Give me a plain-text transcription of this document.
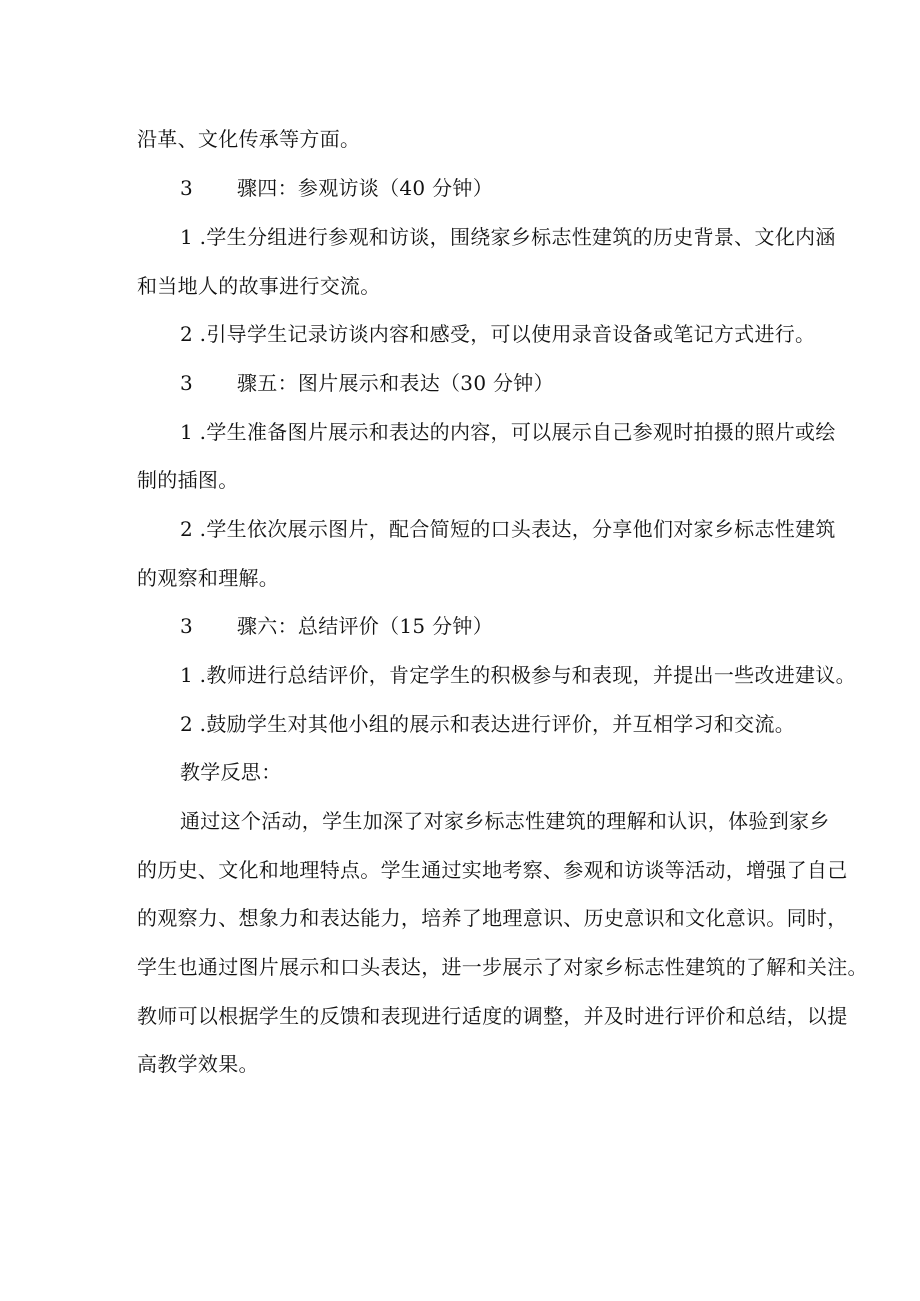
沿革、文化传承等方面。
3 骤四：参观访谈（40 分钟）
1 .学生分组进行参观和访谈，围绕家乡标志性建筑的历史背景、文化内涵
和当地人的故事进行交流。
2 .引导学生记录访谈内容和感受，可以使用录音设备或笔记方式进行。
3 骤五：图片展示和表达（30 分钟）
1 .学生准备图片展示和表达的内容，可以展示自己参观时拍摄的照片或绘
制的插图。
2 .学生依次展示图片，配合简短的口头表达，分享他们对家乡标志性建筑
的观察和理解。
3 骤六：总结评价（15 分钟）
1 .教师进行总结评价，肯定学生的积极参与和表现，并提出一些改进建议。
2 .鼓励学生对其他小组的展示和表达进行评价，并互相学习和交流。
教学反思：
通过这个活动，学生加深了对家乡标志性建筑的理解和认识，体验到家乡
的历史、文化和地理特点。学生通过实地考察、参观和访谈等活动，增强了自己
的观察力、想象力和表达能力，培养了地理意识、历史意识和文化意识。同时，
学生也通过图片展示和口头表达，进一步展示了对家乡标志性建筑的了解和关注。
教师可以根据学生的反馈和表现进行适度的调整，并及时进行评价和总结，以提
高教学效果。
